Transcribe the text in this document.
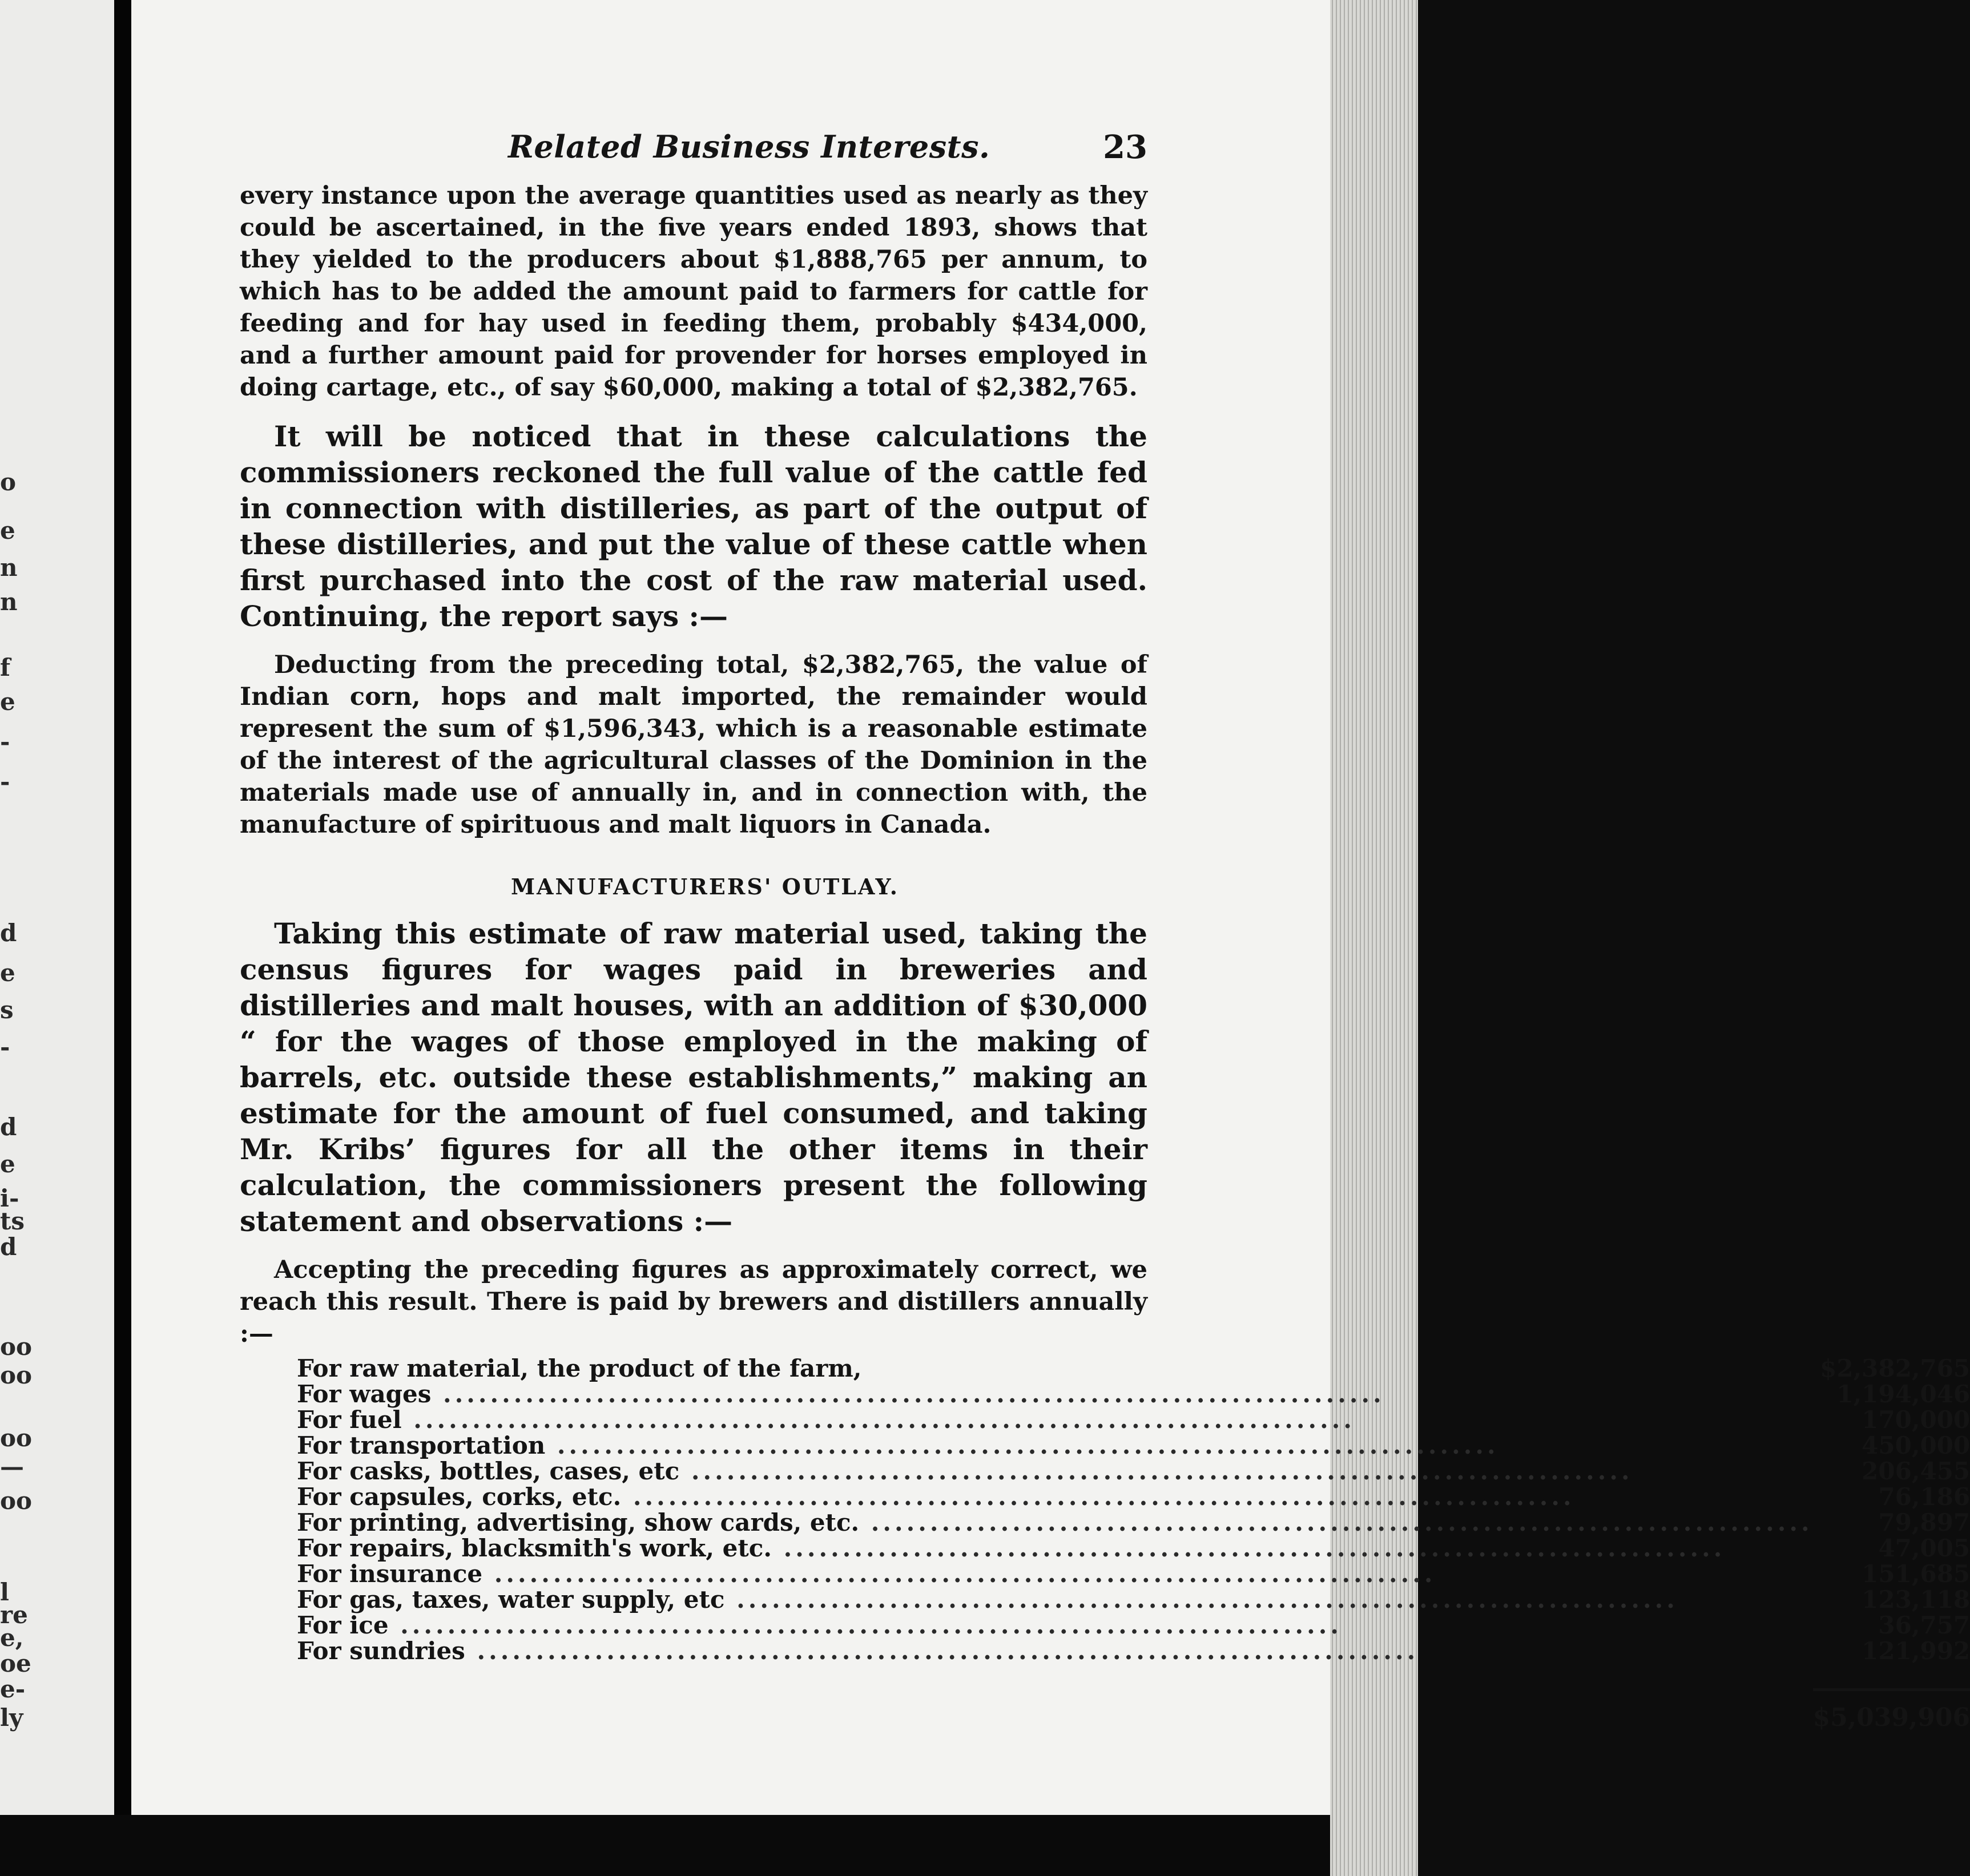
Related Business Interests.	23

every instance upon the average quantities used as nearly as they could be ascertained, in the five years ended 1893, shows that they yielded to the producers about $1,888,765 per annum, to which has to be added the amount paid to farmers for cattle for feeding and for hay used in feeding them, probably $434,000, and a further amount paid for provender for horses employed in doing cartage, etc., of say $60,000, making a total of $2,382,765.

It will be noticed that in these calculations the commissioners reckoned the full value of the cattle fed in connection with distilleries, as part of the output of these distilleries, and put the value of these cattle when first purchased into the cost of the raw material used. Continuing, the report says :—

Deducting from the preceding total, $2,382,765, the value of Indian corn, hops and malt imported, the remainder would represent the sum of $1,596,343, which is a reasonable estimate of the interest of the agricultural classes of the Dominion in the materials made use of annually in, and in connection with, the manufacture of spirituous and malt liquors in Canada.

MANUFACTURERS' OUTLAY.

Taking this estimate of raw material used, taking the census figures for wages paid in breweries and distilleries and malt houses, with an addition of $30,000 “ for the wages of those employed in the making of barrels, etc. outside these establishments,” making an estimate for the amount of fuel consumed, and taking Mr. Kribs’ figures for all the other items in their calculation, the commissioners present the following statement and observations :—

Accepting the preceding figures as approximately correct, we reach this result. There is paid by brewers and distillers annually :—

For raw material, the product of the farm,	$2,382,765
For wages ................................................................................	1,194,046
For fuel ................................................................................	170,000
For transportation ................................................................................	450,000
For casks, bottles, cases, etc ................................................................................	206,455
For capsules, corks, etc. ................................................................................	76,186
For printing, advertising, show cards, etc. ................................................................................	79,897
For repairs, blacksmith's work, etc. ................................................................................	47,005
For insurance ................................................................................	151,685
For gas, taxes, water supply, etc ................................................................................	123,118
For ice ................................................................................	36,757
For sundries ................................................................................	121,992

	$5,039,906
o
e
n
n
f
e
-
-
d
e
s
-
d
e
i-
ts
d
oo
oo
oo
—
oo
l
re
e,
oe
e-
ly
